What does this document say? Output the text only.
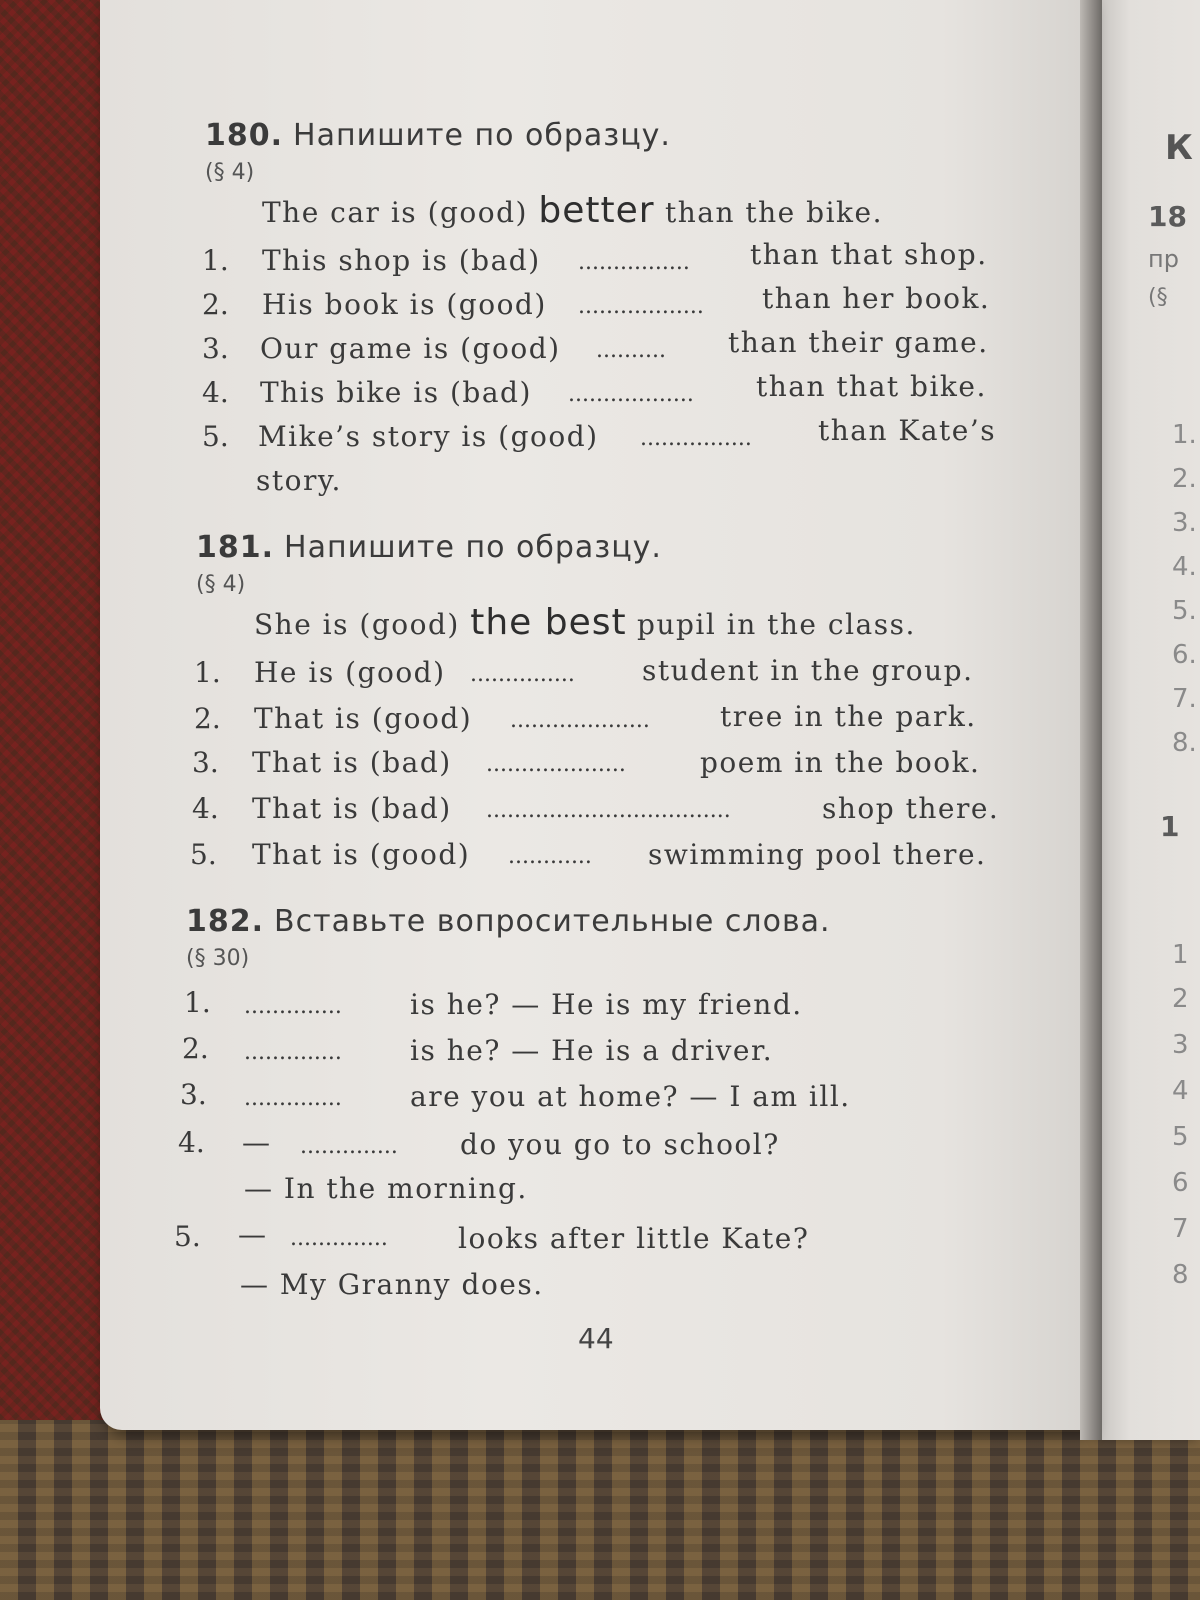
К
18
пр
(§
1.
2.
3.
4.
5.
6.
7.
8.
1
1
2
3
4
5
6
7
8
180. Напишите по образцу.
(§ 4)
The car is (good) better than the bike.
1. This shop is (bad) ................ than that shop.
2. His book is (good) .................. than her book.
3. Our game is (good) .......... than their game.
4. This bike is (bad) .................. than that bike.
5. Mike’s story is (good) ................ than Kate’s
story.
181. Напишите по образцу.
(§ 4)
She is (good) the best pupil in the class.
1. He is (good) ............... student in the group.
2. That is (good) ....................	tree in the park.
3. That is (bad) ....................	poem in the book.
4. That is (bad) ...................................	shop there.
5. That is (good) ............ swimming pool there.
182. Вставьте вопросительные слова.
(§ 30)
1. .............. is he? — He is my friend.
2. .............. is he? — He is a driver.
3. .............. are you at home? — I am ill.
4. — .............. do you go to school?
— In the morning.
5. — ..............	looks after little Kate?
— My Granny does.
44
